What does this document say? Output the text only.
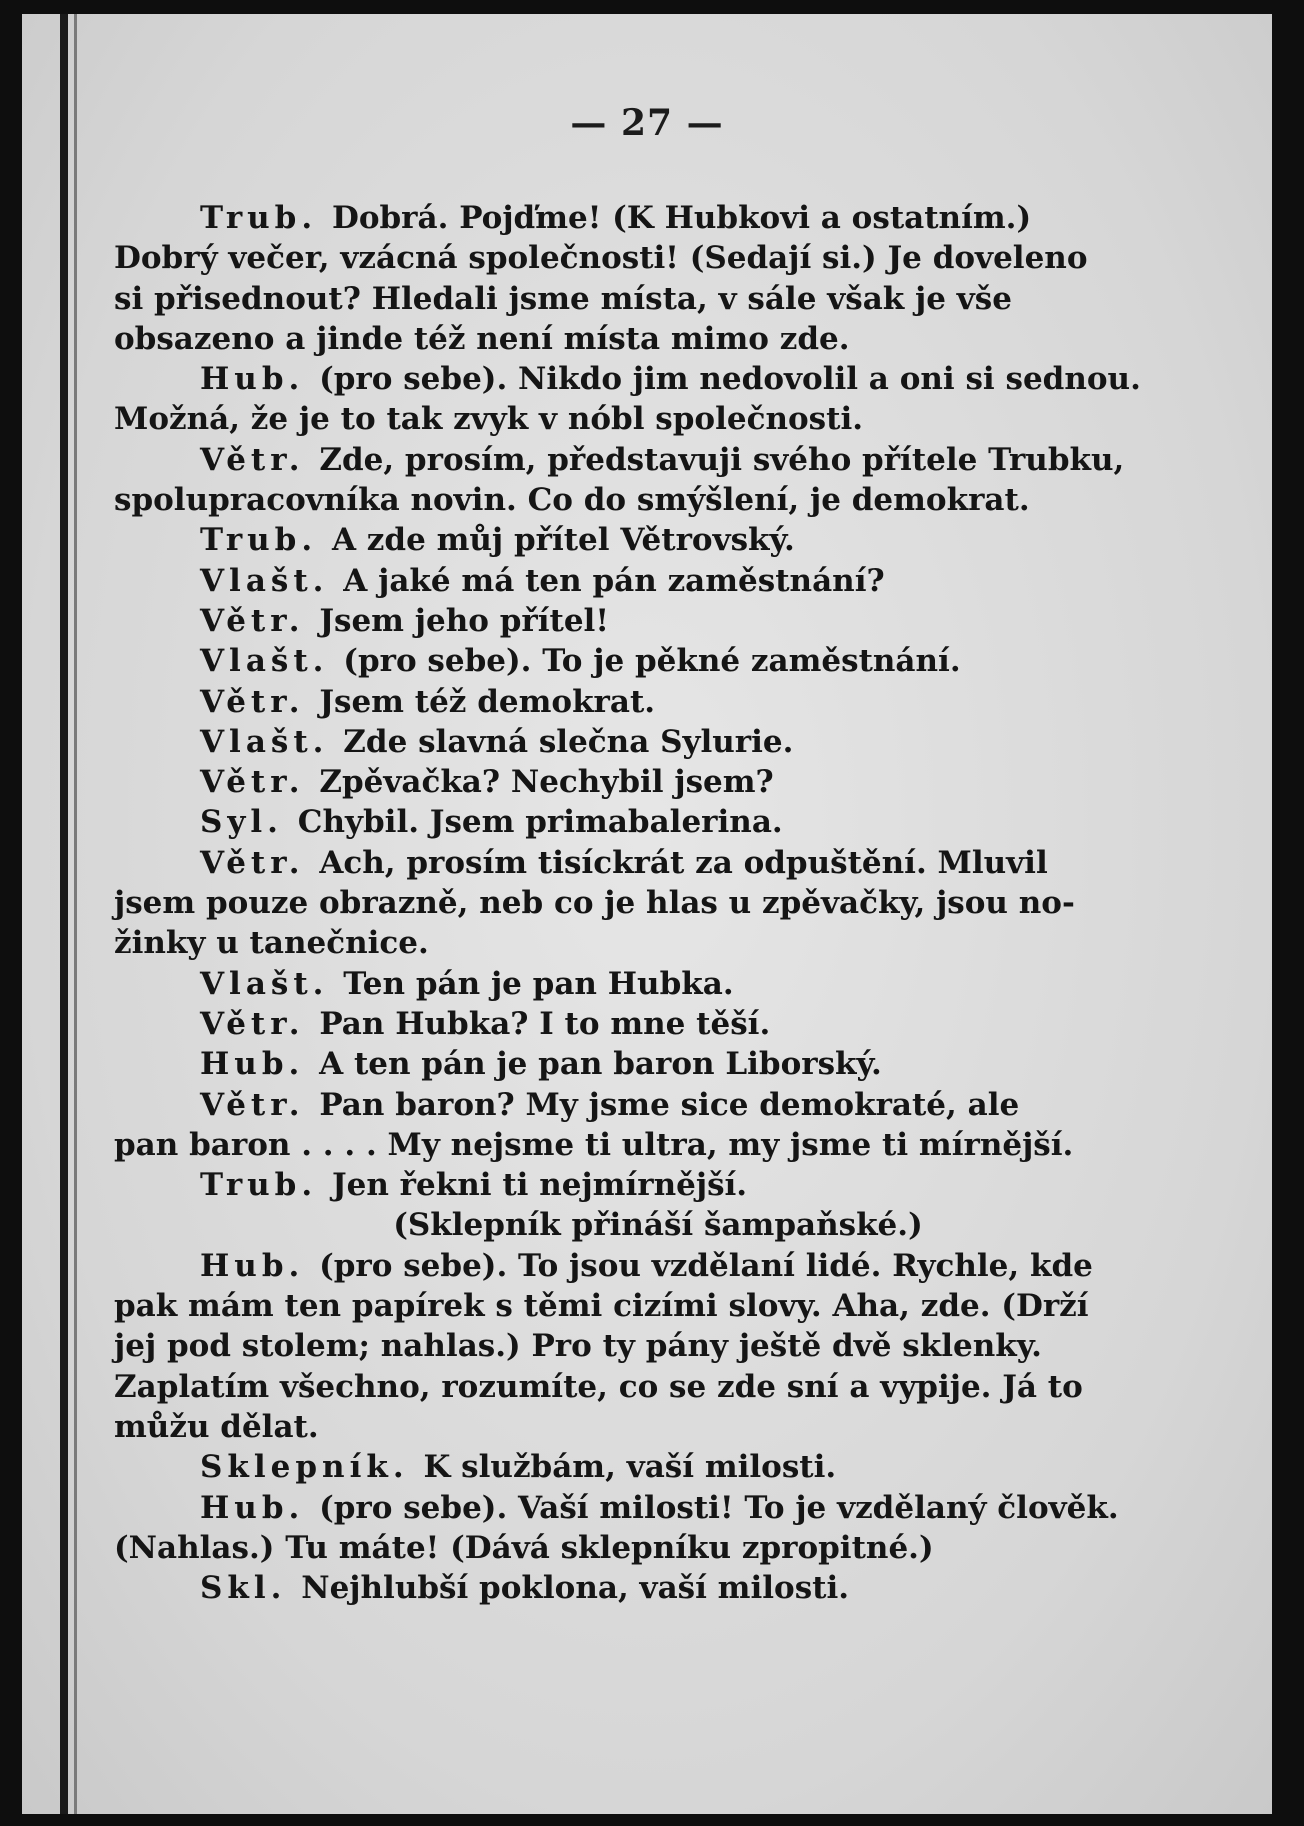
— 27 —

Trub. Dobrá. Pojďme! (K Hubkovi a ostatním.)
Dobrý večer, vzácná společnosti! (Sedají si.) Je doveleno
si přisednout? Hledali jsme místa, v sále však je vše
obsazeno a jinde též není místa mimo zde.

Hub. (pro sebe). Nikdo jim nedovolil a oni si sednou.
Možná, že je to tak zvyk v nóbl společnosti.

Větr. Zde, prosím, představuji svého přítele Trubku,
spolupracovníka novin. Co do smýšlení, je demokrat.

Trub. A zde můj přítel Větrovský.

Vlašt. A jaké má ten pán zaměstnání?

Větr. Jsem jeho přítel!

Vlašt. (pro sebe). To je pěkné zaměstnání.

Větr. Jsem též demokrat.

Vlašt. Zde slavná slečna Sylurie.

Větr. Zpěvačka? Nechybil jsem?

Syl. Chybil. Jsem primabalerina.

Větr. Ach, prosím tisíckrát za odpuštění. Mluvil
jsem pouze obrazně, neb co je hlas u zpěvačky, jsou no-
žinky u tanečnice.

Vlašt. Ten pán je pan Hubka.

Větr. Pan Hubka? I to mne těší.

Hub. A ten pán je pan baron Liborský.

Větr. Pan baron? My jsme sice demokraté, ale
pan baron . . . . My nejsme ti ultra, my jsme ti mírnější.

Trub. Jen řekni ti nejmírnější.

(Sklepník přináší šampaňské.)

Hub. (pro sebe). To jsou vzdělaní lidé. Rychle, kde
pak mám ten papírek s těmi cizími slovy. Aha, zde. (Drží
jej pod stolem; nahlas.) Pro ty pány ještě dvě sklenky.
Zaplatím všechno, rozumíte, co se zde sní a vypije. Já to
můžu dělat.

Sklepník. K službám, vaší milosti.

Hub. (pro sebe). Vaší milosti! To je vzdělaný člověk.
(Nahlas.) Tu máte! (Dává sklepníku zpropitné.)

Skl. Nejhlubší poklona, vaší milosti.
